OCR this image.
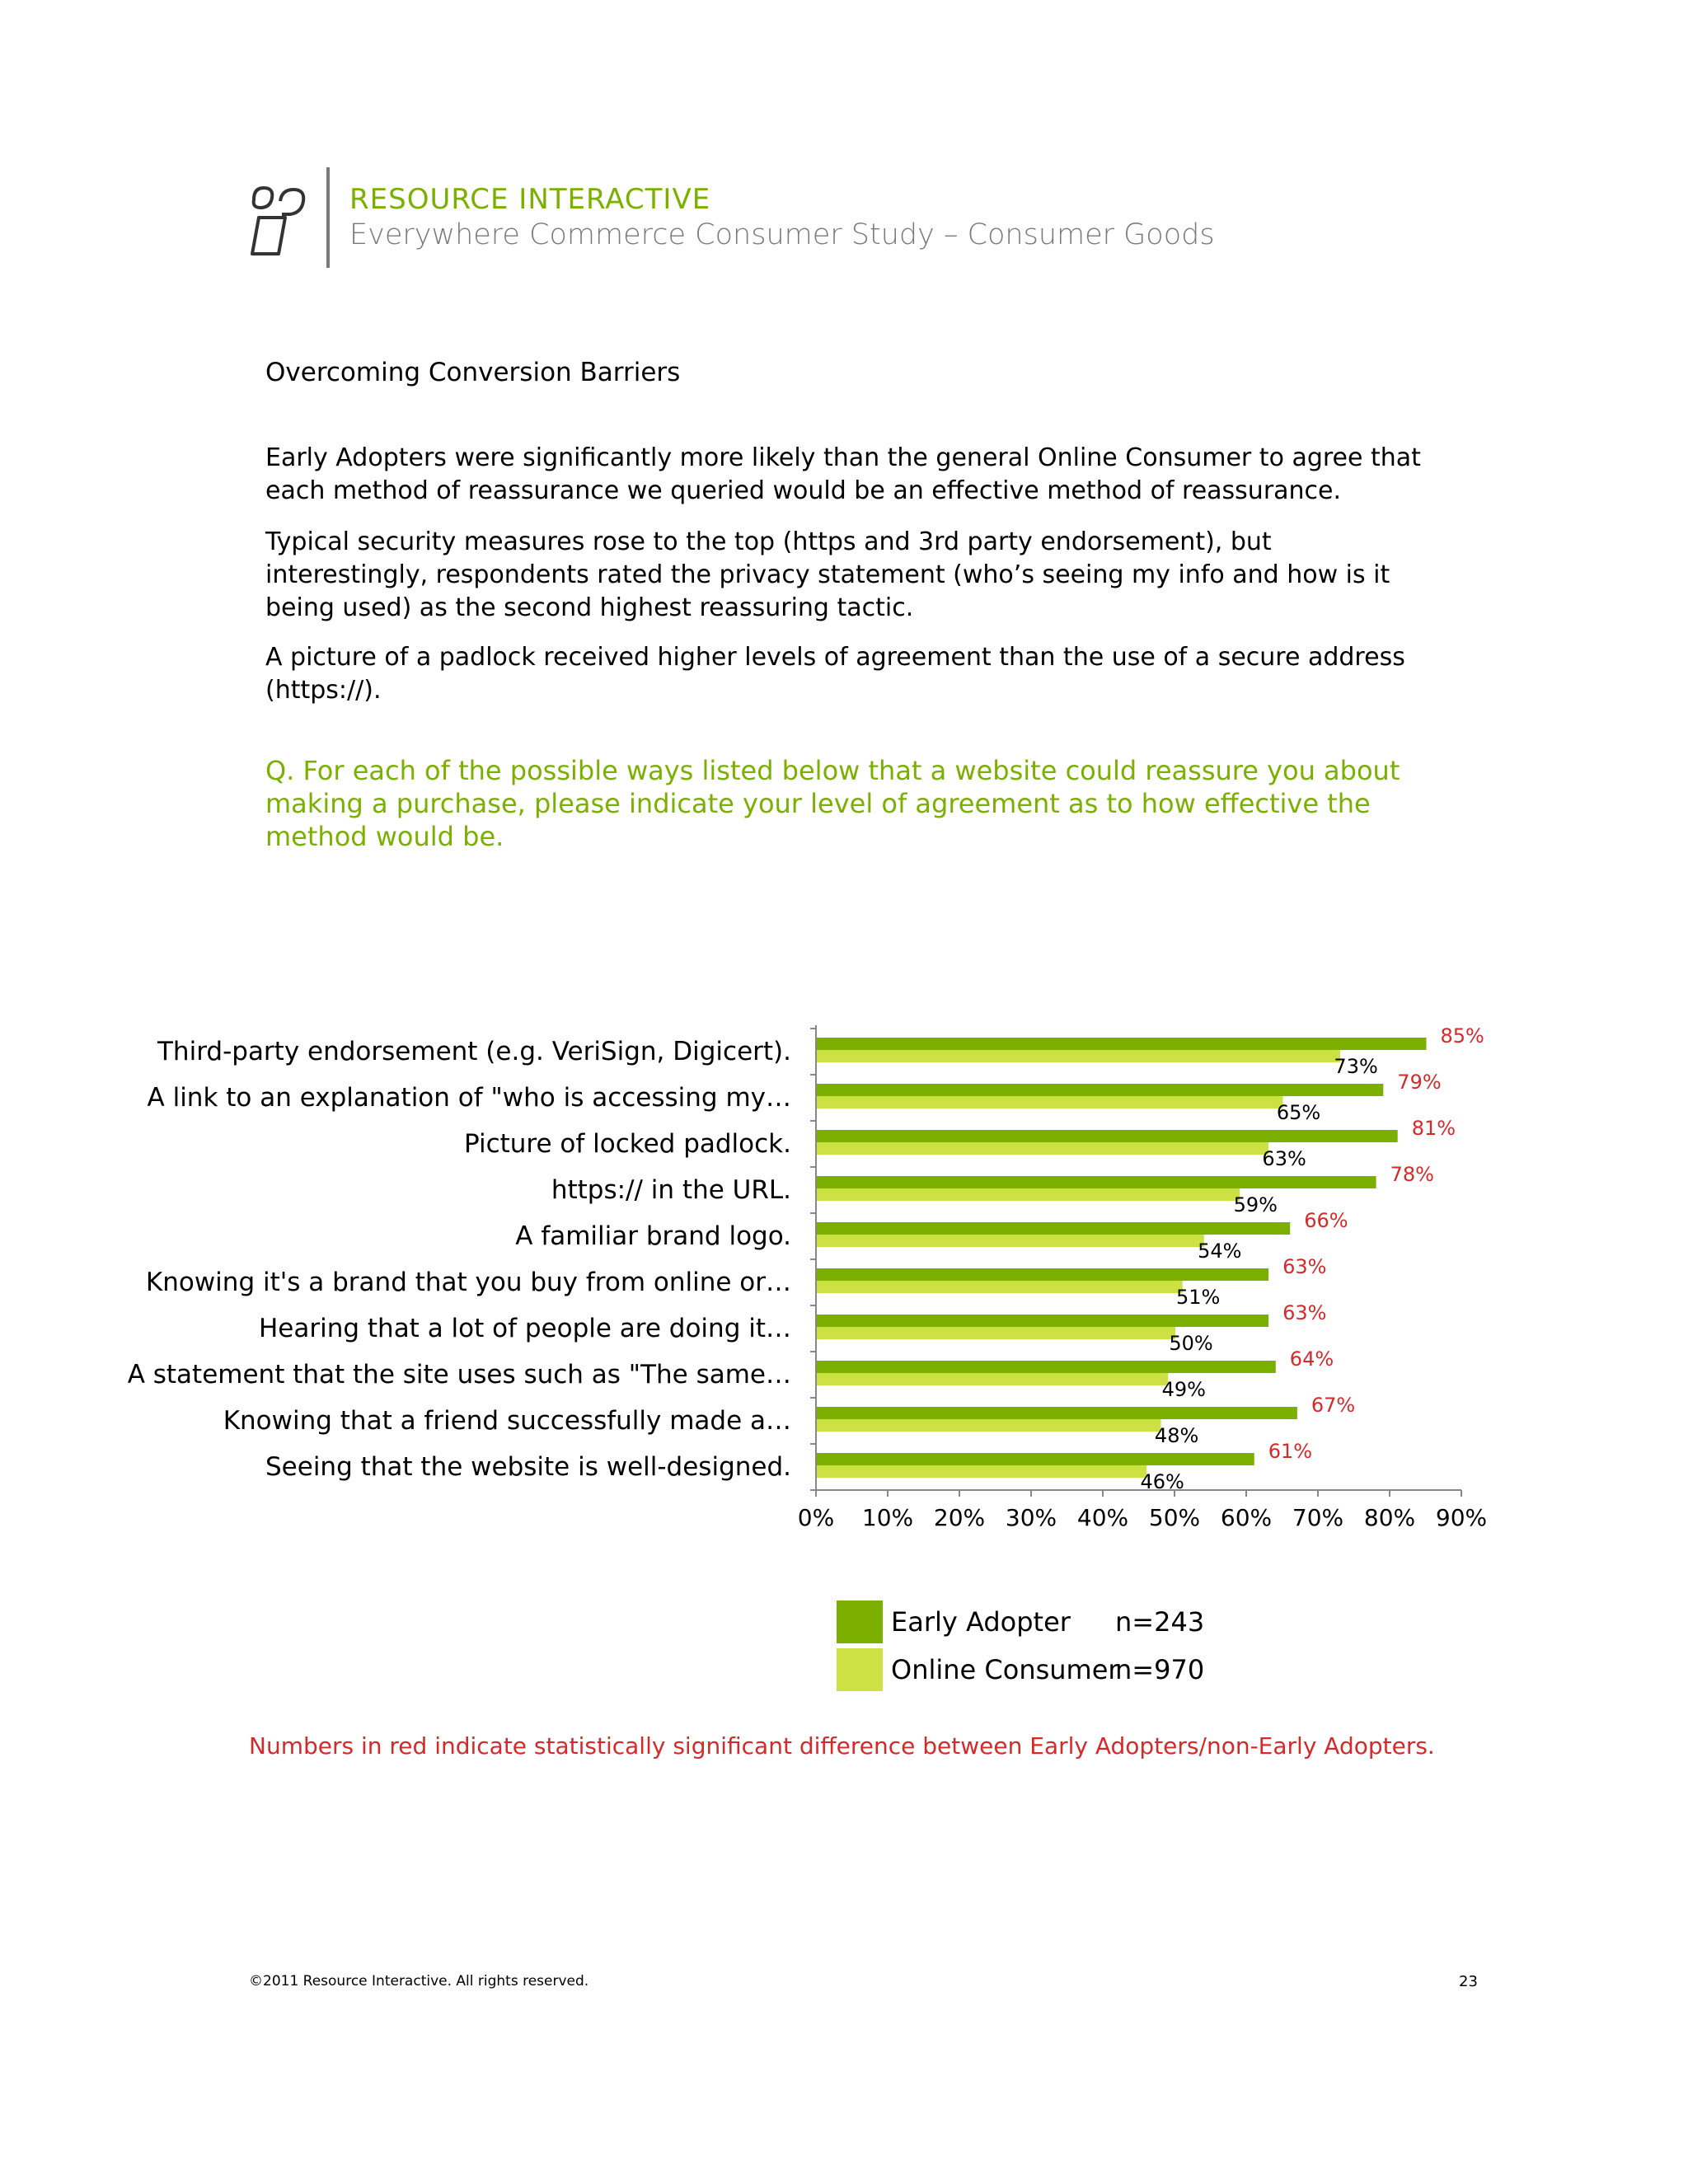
RESOURCE INTERACTIVE
Everywhere Commerce Consumer Study – Consumer Goods
Overcoming Conversion Barriers

Early Adopters were significantly more likely than the general Online Consumer to agree that each method of reassurance we queried would be an effective method of reassurance.

Typical security measures rose to the top (https and 3rd party endorsement), but interestingly, respondents rated the privacy statement (who’s seeing my info and how is it being used) as the second highest reassuring tactic.

A picture of a padlock received higher levels of agreement than the use of a secure address (https://).

Q. For each of the possible ways listed below that a website could reassure you about making a purchase, please indicate your level of agreement as to how effective the method would be.

0% 10% 20% 30% 40% 50% 60% 70% 80% 90%
Third-party endorsement (e.g. VeriSign, Digicert).
85%
73%
A link to an explanation of "who is accessing my…
79%
65%
Picture of locked padlock.
81%
63%
https:// in the URL.
78%
59%
A familiar brand logo.
66%
54%
Knowing it's a brand that you buy from online or…
63%
51%
Hearing that a lot of people are doing it…
63%
50%
A statement that the site uses such as "The same…
64%
49%
Knowing that a friend successfully made a…
67%
48%
Seeing that the website is well-designed.
61%
46%
Early Adopter	n=243
Online Consumer
n=970
Numbers in red indicate statistically significant difference between Early Adopters/non-Early Adopters.
©2011 Resource Interactive. All rights reserved.	23
